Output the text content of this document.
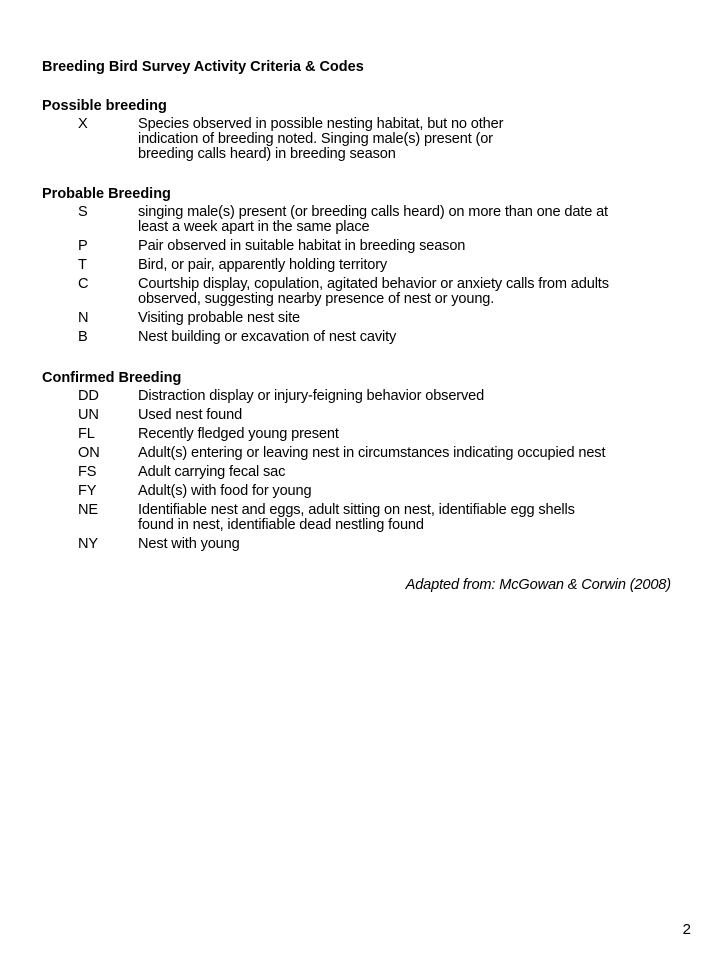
Breeding Bird Survey Activity Criteria & Codes
Possible breeding
X	Species observed in possible nesting habitat, but no other
indication of breeding noted. Singing male(s) present (or
breeding calls heard) in breeding season
Probable Breeding
S	singing male(s) present (or breeding calls heard) on more than one date at
least a week apart in the same place
P	Pair observed in suitable habitat in breeding season
T	Bird, or pair, apparently holding territory
C	Courtship display, copulation, agitated behavior or anxiety calls from adults
observed, suggesting nearby presence of nest or young.
N	Visiting probable nest site
B	Nest building or excavation of nest cavity
Confirmed Breeding
DD	Distraction display or injury-feigning behavior observed
UN	Used nest found
FL	Recently fledged young present
ON	Adult(s) entering or leaving nest in circumstances indicating occupied nest
FS	Adult carrying fecal sac
FY	Adult(s) with food for young
NE	Identifiable nest and eggs, adult sitting on nest, identifiable egg shells
found in nest, identifiable dead nestling found
NY	Nest with young
Adapted from: McGowan & Corwin (2008)
2
